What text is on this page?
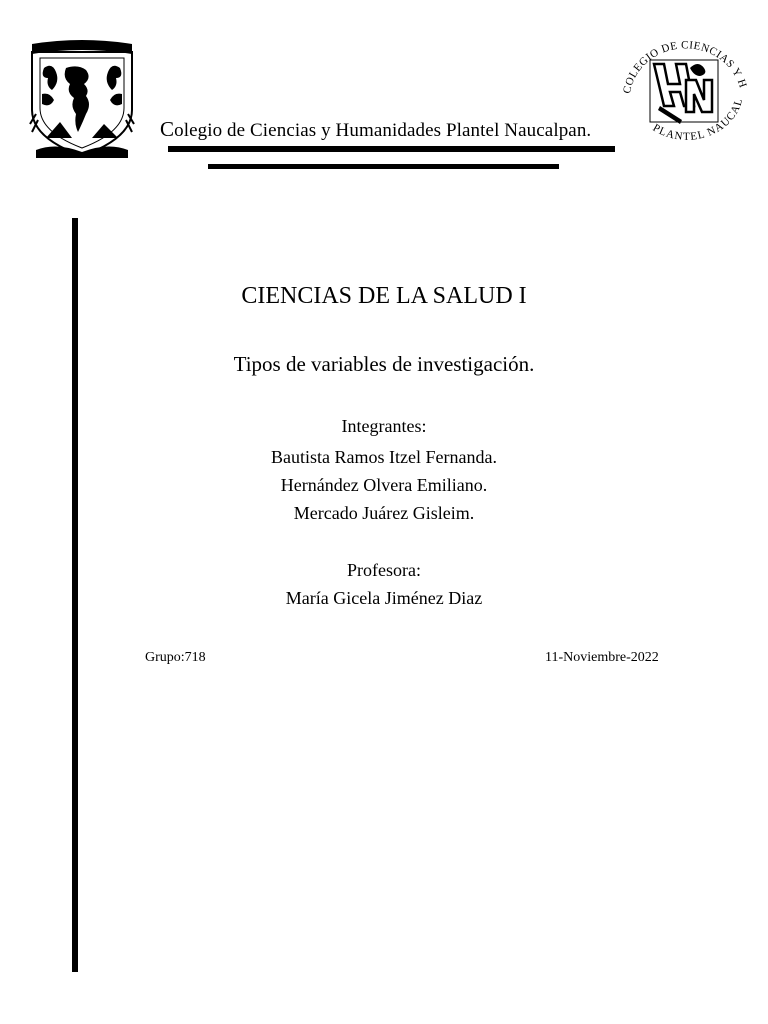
COLEGIO DE CIENCIAS Y H
PLANTEL NAUCAL
Colegio de Ciencias y Humanidades Plantel Naucalpan.
CIENCIAS DE LA SALUD I
Tipos de variables de investigación.
Integrantes:
Bautista Ramos Itzel Fernanda.
Hernández Olvera Emiliano.
Mercado Juárez Gisleim.
Profesora:
María Gicela Jiménez Diaz
Grupo:718	11-Noviembre-2022
